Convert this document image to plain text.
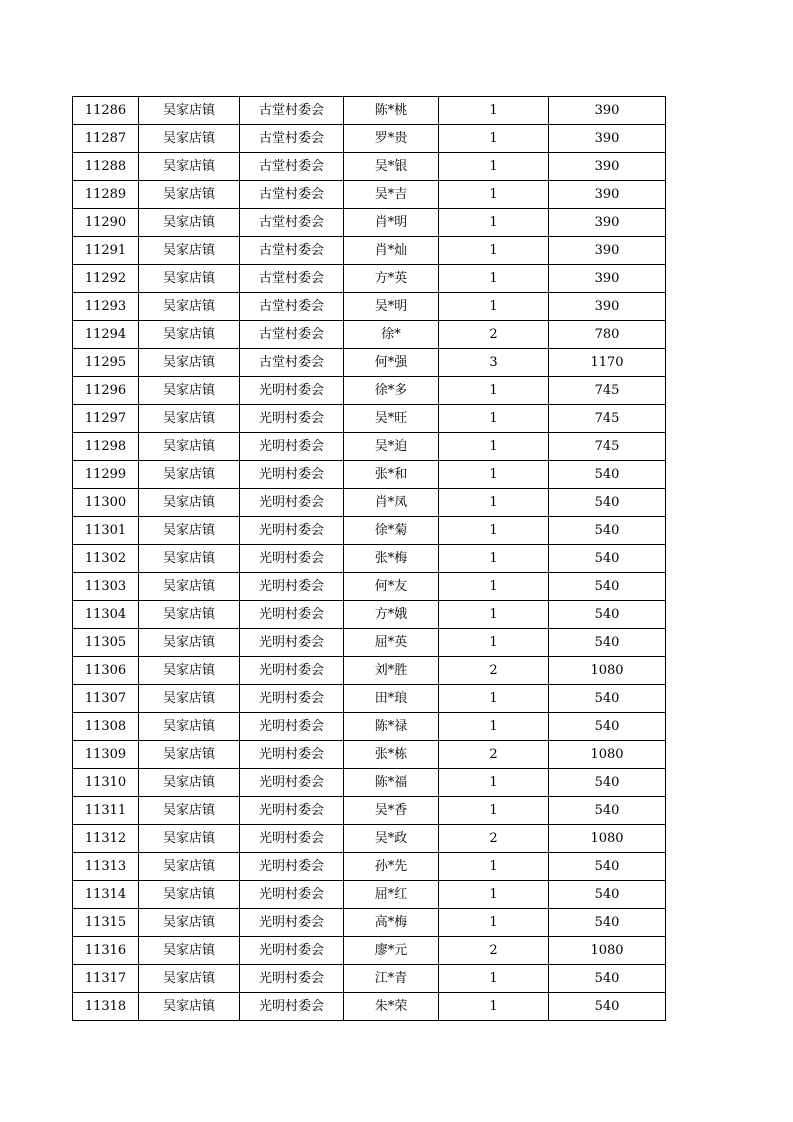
11286	吴家店镇	古堂村委会	陈*桃	1	390
11287	吴家店镇	古堂村委会	罗*贵	1	390
11288	吴家店镇	古堂村委会	吴*银	1	390
11289	吴家店镇	古堂村委会	吴*吉	1	390
11290	吴家店镇	古堂村委会	肖*明	1	390
11291	吴家店镇	古堂村委会	肖*灿	1	390
11292	吴家店镇	古堂村委会	方*英	1	390
11293	吴家店镇	古堂村委会	吴*明	1	390
11294	吴家店镇	古堂村委会	徐*	2	780
11295	吴家店镇	古堂村委会	何*强	3	1170
11296	吴家店镇	光明村委会	徐*多	1	745
11297	吴家店镇	光明村委会	吴*旺	1	745
11298	吴家店镇	光明村委会	吴*迫	1	745
11299	吴家店镇	光明村委会	张*和	1	540
11300	吴家店镇	光明村委会	肖*凤	1	540
11301	吴家店镇	光明村委会	徐*菊	1	540
11302	吴家店镇	光明村委会	张*梅	1	540
11303	吴家店镇	光明村委会	何*友	1	540
11304	吴家店镇	光明村委会	方*娥	1	540
11305	吴家店镇	光明村委会	屈*英	1	540
11306	吴家店镇	光明村委会	刘*胜	2	1080
11307	吴家店镇	光明村委会	田*琅	1	540
11308	吴家店镇	光明村委会	陈*禄	1	540
11309	吴家店镇	光明村委会	张*栋	2	1080
11310	吴家店镇	光明村委会	陈*福	1	540
11311	吴家店镇	光明村委会	吴*香	1	540
11312	吴家店镇	光明村委会	吴*政	2	1080
11313	吴家店镇	光明村委会	孙*先	1	540
11314	吴家店镇	光明村委会	屈*红	1	540
11315	吴家店镇	光明村委会	高*梅	1	540
11316	吴家店镇	光明村委会	廖*元	2	1080
11317	吴家店镇	光明村委会	江*青	1	540
11318	吴家店镇	光明村委会	朱*荣	1	540
